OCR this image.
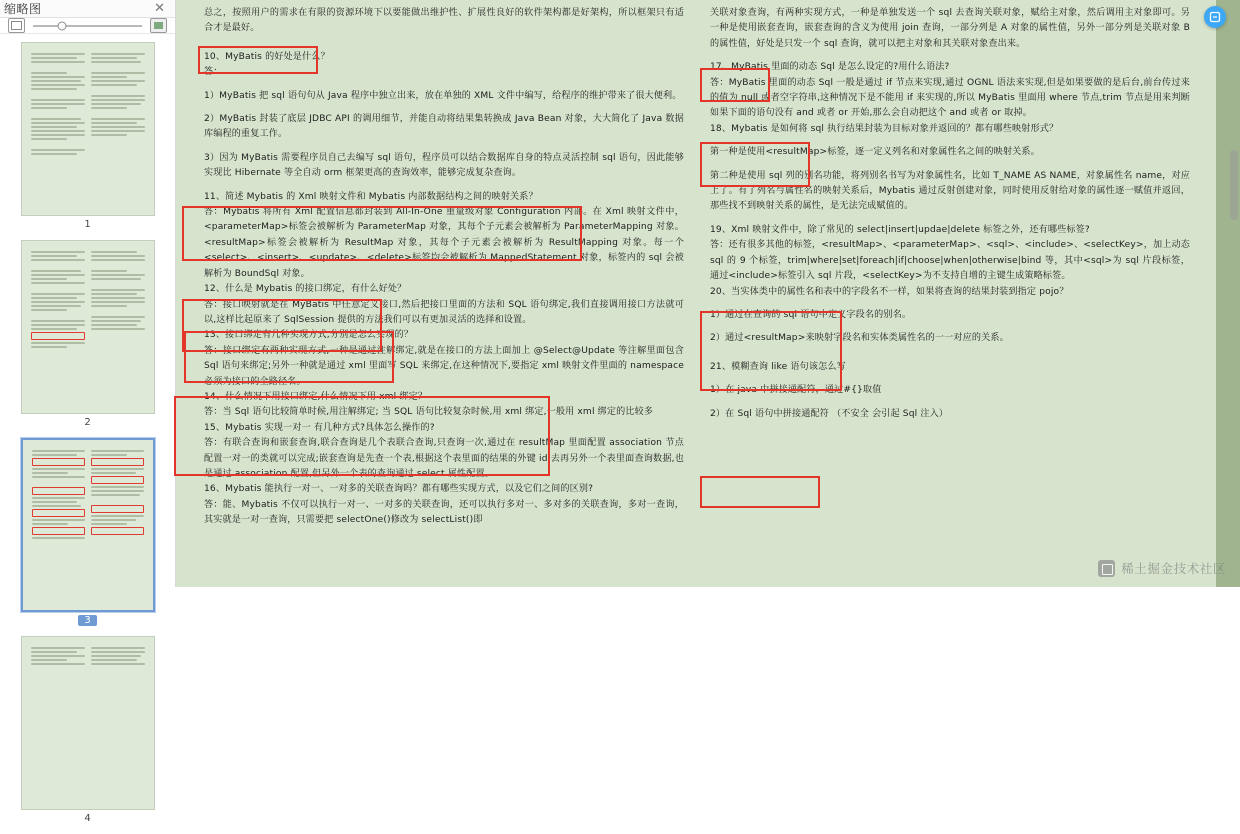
缩略图	✕
1
2
3
4

总之，按照用户的需求在有限的资源环境下以要能做出维护性、扩展性良好的软件架构都是好架构，所以框架只有适合才是最好。

10、MyBatis 的好处是什么？

答：

1）MyBatis 把 sql 语句句从 Java 程序中独立出来，放在单独的 XML 文件中编写，给程序的维护带来了很大便利。

2）MyBatis 封装了底层 JDBC API 的调用细节，并能自动将结果集转换成 Java Bean 对象，大大简化了 Java 数据库编程的重复工作。

3）因为 MyBatis 需要程序员自己去编写 sql 语句，程序员可以结合数据库自身的特点灵活控制 sql 语句，因此能够实现比 Hibernate 等全自动 orm 框架更高的查询效率，能够完成复杂查询。

11、简述 Mybatis 的 Xml 映射文件和 Mybatis 内部数据结构之间的映射关系？

答：Mybatis 将所有 Xml 配置信息都封装到 All-In-One 重量级对象 Configuration 内部。在 Xml 映射文件中，<parameterMap>标签会被解析为 ParameterMap 对象，其每个子元素会被解析为 ParameterMapping 对象。<resultMap>标签会被解析为 ResultMap 对象，其每个子元素会被解析为 ResultMapping 对象。每一个<select>、<insert>、<update>、<delete>标签均会被解析为 MappedStatement 对象，标签内的 sql 会被解析为 BoundSql 对象。

12、什么是 Mybatis 的接口绑定，有什么好处？

答：接口映射就是在 MyBatis 中任意定义接口,然后把接口里面的方法和 SQL 语句绑定,我们直接调用接口方法就可以,这样比起原来了 SqlSession 提供的方法我们可以有更加灵活的选择和设置。

13、接口绑定有几种实现方式,分别是怎么实现的？

答：接口绑定有两种实现方式,一种是通过注解绑定,就是在接口的方法上面加上 @Select@Update 等注解里面包含 Sql 语句来绑定;另外一种就是通过 xml 里面写 SQL 来绑定,在这种情况下,要指定 xml 映射文件里面的 namespace 必须为接口的全路径名。

14、什么情况下用接口绑定,什么情况下用 xml 绑定？

答：当 Sql 语句比较简单时候,用注解绑定; 当 SQL 语句比较复杂时候,用 xml 绑定,一般用 xml 绑定的比较多

15、Mybatis 实现一对一 有几种方式?具体怎么操作的?

答：有联合查询和嵌套查询,联合查询是几个表联合查询,只查询一次,通过在 resultMap 里面配置 association 节点配置一对一的类就可以完成;嵌套查询是先查一个表,根据这个表里面的结果的外键 id,去再另外一个表里面查询数据,也是通过 association 配置,但另外一个表的查询通过 select 属性配置。

16、Mybatis 能执行一对一、一对多的关联查询吗？都有哪些实现方式，以及它们之间的区别?

答：能、Mybatis 不仅可以执行一对一、一对多的关联查询，还可以执行多对一、多对多的关联查询，多对一查询，其实就是一对一查询，只需要把 selectOne()修改为 selectList()即

关联对象查询，有两种实现方式，一种是单独发送一个 sql 去查询关联对象，赋给主对象，然后调用主对象即可。另一种是使用嵌套查询，嵌套查询的含义为使用 join 查询，一部分列是 A 对象的属性值，另外一部分列是关联对象 B 的属性值，好处是只发一个 sql 查询，就可以把主对象和其关联对象查出来。

17、MyBatis 里面的动态 Sql 是怎么设定的?用什么语法?

答：MyBatis 里面的动态 Sql 一般是通过 if 节点来实现,通过 OGNL 语法来实现,但是如果要做的是后台,前台传过来的值为 null 或者空字符串,这种情况下是不能用 if 来实现的,所以 MyBatis 里面用 where 节点,trim 节点是用来判断如果下面的语句没有 and 或者 or 开始,那么会自动把这个 and 或者 or 取掉。

18、Mybatis 是如何将 sql 执行结果封装为目标对象并返回的？都有哪些映射形式？

第一种是使用<resultMap>标签，逐一定义列名和对象属性名之间的映射关系。

第二种是使用 sql 列的别名功能，将列别名书写为对象属性名，比如 T_NAME AS NAME，对象属性名 name，对应上了。有了列名与属性名的映射关系后，Mybatis 通过反射创建对象，同时使用反射给对象的属性逐一赋值并返回，那些找不到映射关系的属性，是无法完成赋值的。

19、Xml 映射文件中，除了常见的 select|insert|updae|delete 标签之外，还有哪些标签?

答：还有很多其他的标签，<resultMap>、<parameterMap>、<sql>、<include>、<selectKey>，加上动态 sql 的 9 个标签，trim|where|set|foreach|if|choose|when|otherwise|bind 等，其中<sql>为 sql 片段标签，通过<include>标签引入 sql 片段，<selectKey>为不支持自增的主键生成策略标签。

20、当实体类中的属性名和表中的字段名不一样，如果将查询的结果封装到指定 pojo？

1）通过在查询的 sql 语句中定义字段名的别名。

2）通过<resultMap>来映射字段名和实体类属性名的一一对应的关系。

21、模糊查询 like 语句该怎么写

1）在 java 中拼接通配符，通过#{}取值

2）在 Sql 语句中拼接通配符 （不安全 会引起 Sql 注入）

稀土掘金技术社区
